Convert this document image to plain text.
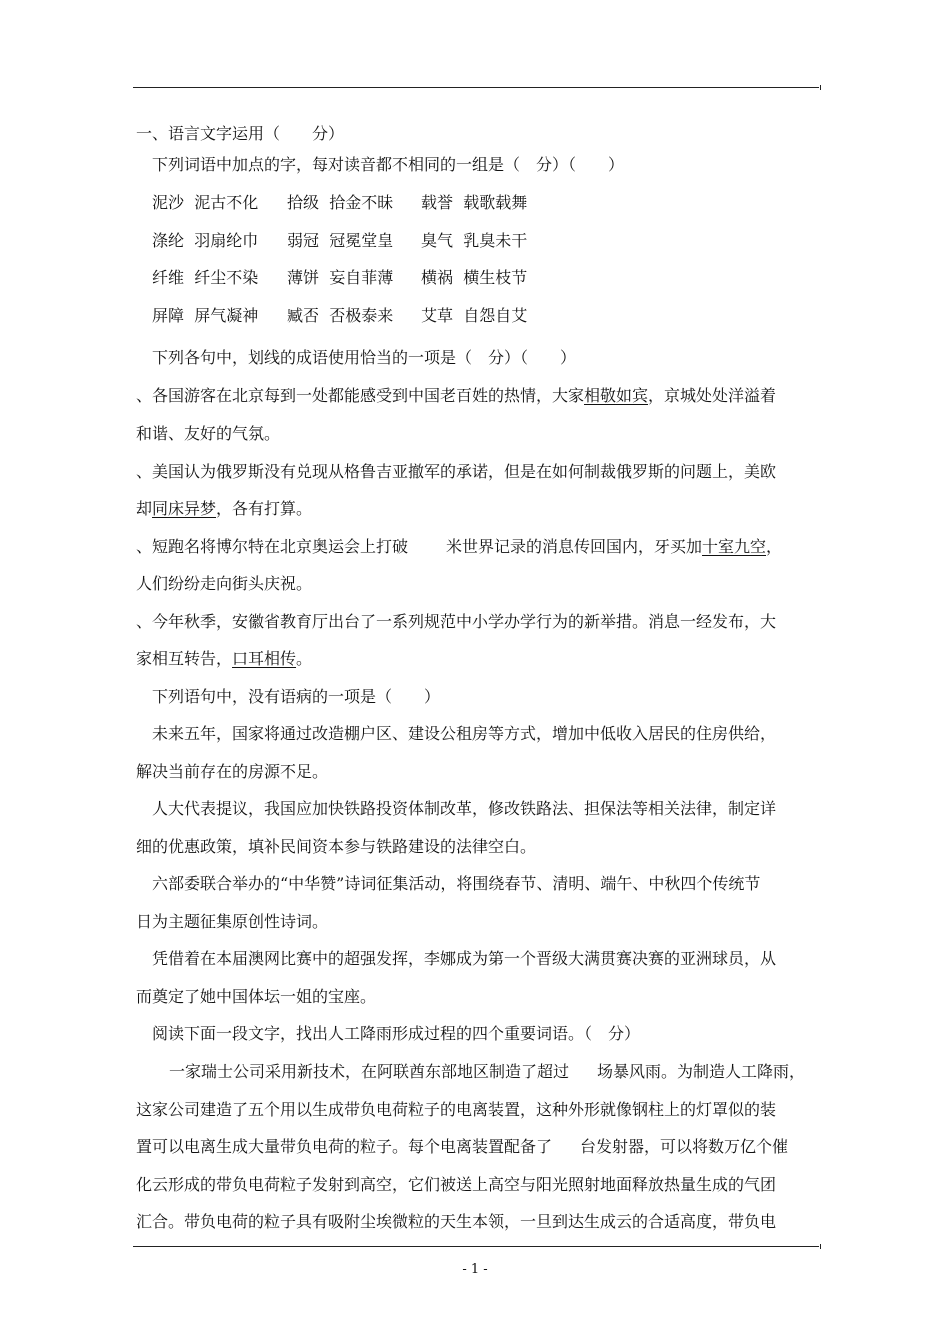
一、语言文字运用（　　分）
下列词语中加点的字，每对读音都不相同的一组是（　分）（　　）
泥沙 泥古不化 拾级 拾金不昧 载誉 载歌载舞
涤纶 羽扇纶巾 弱冠 冠冕堂皇 臭气 乳臭未干
纤维 纤尘不染 薄饼 妄自菲薄 横祸 横生枝节
屏障 屏气凝神 臧否 否极泰来 艾草 自怨自艾
下列各句中，划线的成语使用恰当的一项是（　分）（　　）
、各国游客在北京每到一处都能感受到中国老百姓的热情，大家相敬如宾，京城处处洋溢着
和谐、友好的气氛。
、美国认为俄罗斯没有兑现从格鲁吉亚撤军的承诺，但是在如何制裁俄罗斯的问题上，美欧
却同床异梦，各有打算。
、短跑名将博尔特在北京奥运会上打破 米世界记录的消息传回国内，牙买加十室九空，
人们纷纷走向街头庆祝。
、今年秋季，安徽省教育厅出台了一系列规范中小学办学行为的新举措。消息一经发布，大
家相互转告，口耳相传。
下列语句中，没有语病的一项是（　　）
未来五年，国家将通过改造棚户区、建设公租房等方式，增加中低收入居民的住房供给，
解决当前存在的房源不足。
人大代表提议，我国应加快铁路投资体制改革，修改铁路法、担保法等相关法律，制定详
细的优惠政策，填补民间资本参与铁路建设的法律空白。
六部委联合举办的“中华赞”诗词征集活动，将围绕春节、清明、端午、中秋四个传统节
日为主题征集原创性诗词。
凭借着在本届澳网比赛中的超强发挥，李娜成为第一个晋级大满贯赛决赛的亚洲球员，从
而奠定了她中国体坛一姐的宝座。
阅读下面一段文字，找出人工降雨形成过程的四个重要词语。（　分）
一家瑞士公司采用新技术，在阿联酋东部地区制造了超过 场暴风雨。为制造人工降雨，
这家公司建造了五个用以生成带负电荷粒子的电离装置，这种外形就像钢柱上的灯罩似的装
置可以电离生成大量带负电荷的粒子。每个电离装置配备了 台发射器，可以将数万亿个催
化云形成的带负电荷粒子发射到高空，它们被送上高空与阳光照射地面释放热量生成的气团
汇合。带负电荷的粒子具有吸附尘埃微粒的天生本领，一旦到达生成云的合适高度，带负电
- 1 -
